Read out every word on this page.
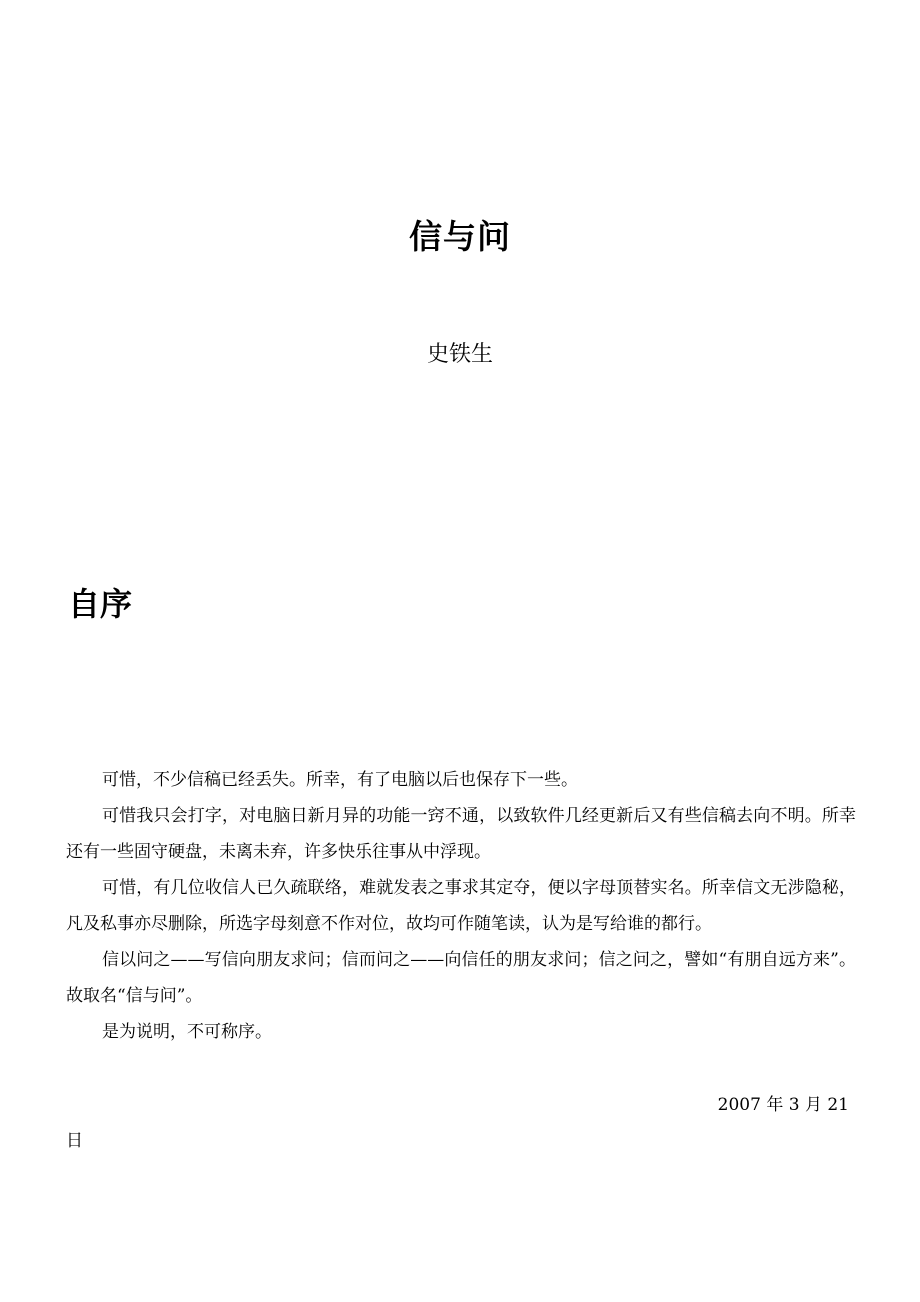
信与问
史铁生
自序

可惜，不少信稿已经丢失。所幸，有了电脑以后也保存下一些。

可惜我只会打字，对电脑日新月异的功能一窍不通，以致软件几经更新后又有些信稿去向不明。所幸还有一些固守硬盘，未离未弃，许多快乐往事从中浮现。

可惜，有几位收信人已久疏联络，难就发表之事求其定夺，便以字母顶替实名。所幸信文无涉隐秘，凡及私事亦尽删除，所选字母刻意不作对位，故均可作随笔读，认为是写给谁的都行。

信以问之——写信向朋友求问；信而问之——向信任的朋友求问；信之问之，譬如“有朋自远方来”。故取名“信与问”。

是为说明，不可称序。

2007 年 3 月 21
日
